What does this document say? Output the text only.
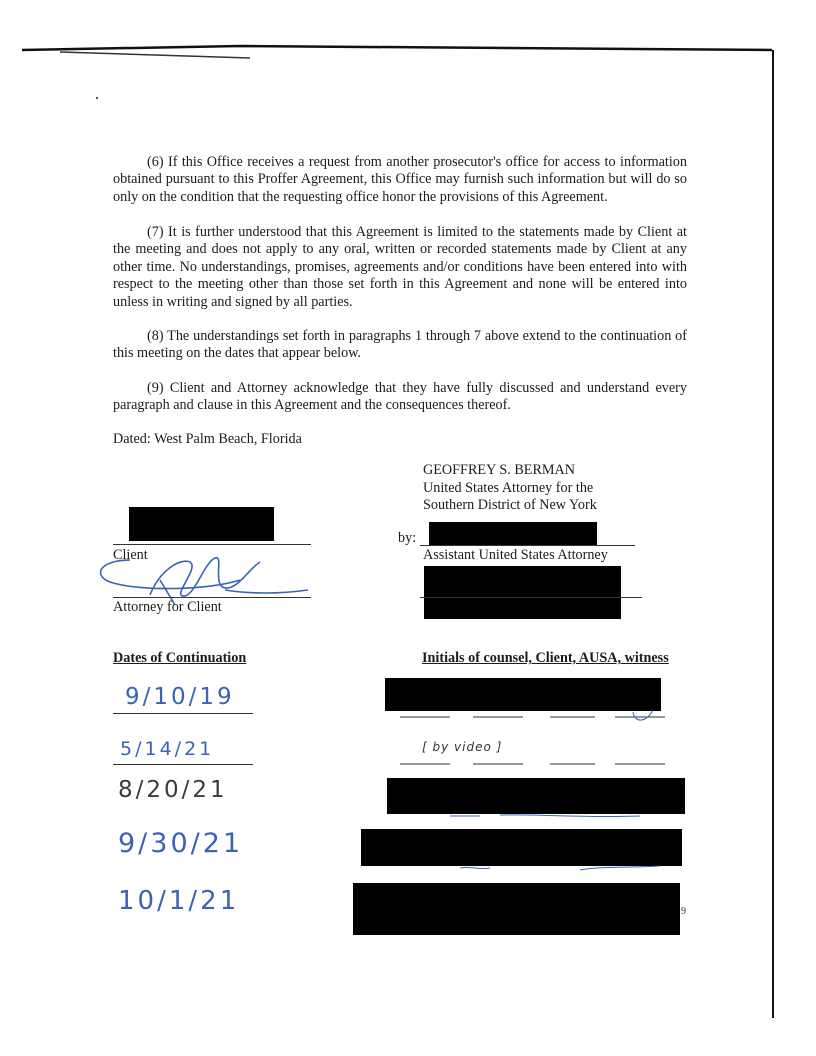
(6) If this Office receives a request from another prosecutor's office for access to information obtained pursuant to this Proffer Agreement, this Office may furnish such information but will do so only on the condition that the requesting office honor the provisions of this Agreement.

(7) It is further understood that this Agreement is limited to the statements made by Client at the meeting and does not apply to any oral, written or recorded statements made by Client at any other time. No understandings, promises, agreements and/or conditions have been entered into with respect to the meeting other than those set forth in this Agreement and none will be entered into unless in writing and signed by all parties.

(8) The understandings set forth in paragraphs 1 through 7 above extend to the continuation of this meeting on the dates that appear below.

(9) Client and Attorney acknowledge that they have fully discussed and understand every paragraph and clause in this Agreement and the consequences thereof.

Dated: West Palm Beach, Florida
GEOFFREY S. BERMAN
United States Attorney for the
Southern District of New York
Client
by:
Assistant United States Attorney
Attorney for Client
Dates of Continuation	Initials of counsel, Client, AUSA, witness
9/10/19
5/14/21
8/20/21
9/30/21
10/1/21
[ by video ]
9
